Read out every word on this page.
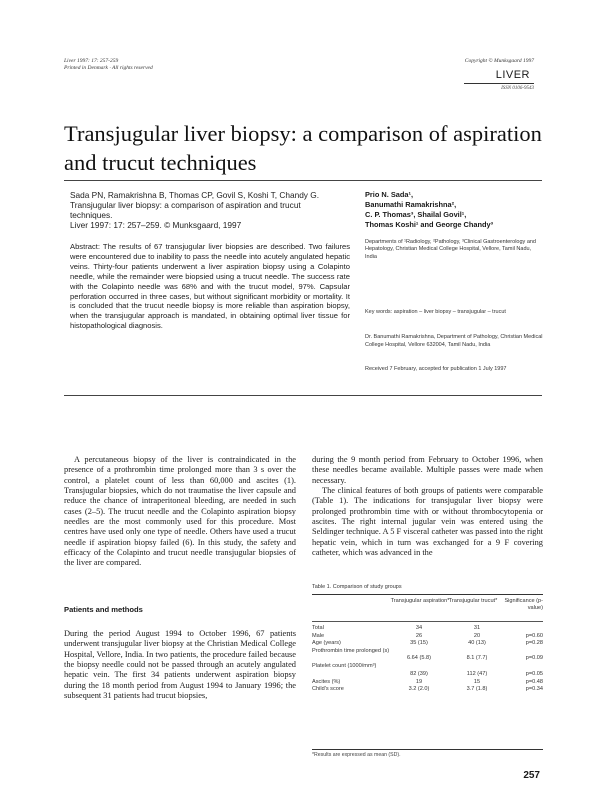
Liver 1997: 17: 257-259
Printed in Denmark · All rights reserved
Copyright © Munksgaard 1997
LIVER
ISSN 0106-9543
Transjugular liver biopsy: a comparison of aspiration and trucut techniques
Sada PN, Ramakrishna B, Thomas CP, Govil S, Koshi T, Chandy G. Transjugular liver biopsy: a comparison of aspiration and trucut techniques.
Liver 1997: 17: 257–259. © Munksgaard, 1997
Abstract: The results of 67 transjugular liver biopsies are described. Two failures were encountered due to inability to pass the needle into acutely angulated hepatic veins. Thirty-four patients underwent a liver aspiration biopsy using a Colapinto needle, while the remainder were biopsied using a trucut needle. The success rate with the Colapinto needle was 68% and with the trucut model, 97%. Capsular perforation occurred in three cases, but without significant morbidity or mortality. It is concluded that the trucut needle biopsy is more reliable than aspiration biopsy, when the transjugular approach is mandated, in obtaining optimal liver tissue for histopathological diagnosis.
Prio N. Sada¹,
Banumathi Ramakrishna²,
C. P. Thomas³, Shailal Govil¹,
Thomas Koshi¹ and George Chandy³
Departments of ¹Radiology, ²Pathology, ³Clinical Gastroenterology and Hepatology, Christian Medical College Hospital, Vellore, Tamil Nadu, India
Key words: aspiration – liver biopsy – transjugular – trucut
Dr. Banumathi Ramakrishna, Department of Pathology, Christian Medical College Hospital, Vellore 632004, Tamil Nadu, India
Received 7 February, accepted for publication 1 July 1997

A percutaneous biopsy of the liver is contraindicated in the presence of a prothrombin time prolonged more than 3 s over the control, a platelet count of less than 60,000 and ascites (1). Transjugular biopsies, which do not traumatise the liver capsule and reduce the chance of intraperitoneal bleeding, are needed in such cases (2–5). The trucut needle and the Colapinto aspiration biopsy needles are the most commonly used for this procedure. Most centres have used only one type of needle. Others have used a trucut needle if aspiration biopsy failed (6). In this study, the safety and efficacy of the Colapinto and trucut needle transjugular biopsies of the liver are compared.

Patients and methods

During the period August 1994 to October 1996, 67 patients underwent transjugular liver biopsy at the Christian Medical College Hospital, Vellore, India. In two patients, the procedure failed because the biopsy needle could not be passed through an acutely angulated hepatic vein. The first 34 patients underwent aspiration biopsy during the 18 month period from August 1994 to January 1996; the subsequent 31 patients had trucut biopsies,

during the 9 month period from February to October 1996, when these needles became available. Multiple passes were made when necessary.

The clinical features of both groups of patients were comparable (Table 1). The indications for transjugular liver biopsy were prolonged prothrombin time with or without thrombocytopenia or ascites. The right internal jugular vein was entered using the Seldinger technique. A 5 F visceral catheter was passed into the right hepatic vein, which in turn was exchanged for a 9 F covering catheter, which was advanced in the

Table 1. Comparison of study groups
Transjugular aspiration* Transjugular trucut*	Significance (p-value)
Total	34	31
Male	26	20	p=0.60
Age (years)	35 (15)	40 (13)	p=0.28
Prothrombin time prolonged (s)
6.64 (5.8)	8.1 (7.7)	p=0.09
Platelet count (1000/mm³)
82 (39)	112 (47)	p=0.05
Ascites (%)	19	15	p=0.48
Child's score	3.2 (2.0)	3.7 (1.8)	p=0.34
*Results are expressed as mean (SD).
257
